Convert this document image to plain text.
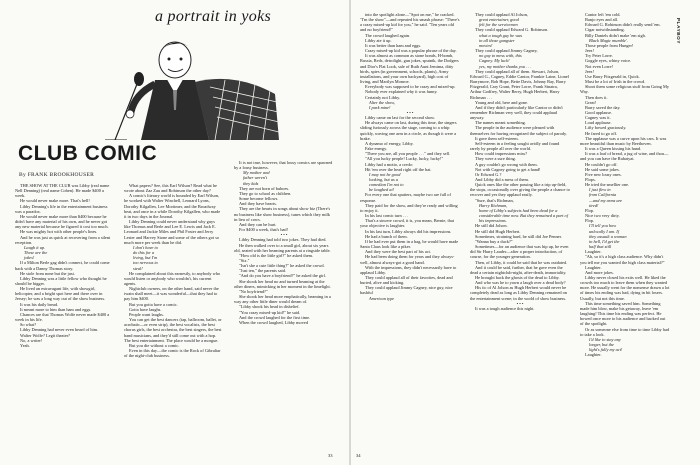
a portrait in yoks
CLUB COMIC
By FRANK BROOKHOUSER

THE SHOW AT THE CLUB was Libby (real name Nell Denning) (real name Cohen). He made $400 a week.

He would never make more. That's hell!

Libby Denning's life in the entertainment business was a paradox.

He would never make more than $400 because he didn't have any material of his own, and he never got any new material because he figured it cost too much.

He was mighty hot with other people's lines.

And he was just as quick at recovering from a silent reception.

Laugh it up.

These are the

jokes!

If a Milton Berle gag didn't connect, he could come back with a Danny Thomas story.

He stole from none but the just.

Libby Denning was a little fellow who thought he should be bigger.

He lived an extravagant life, with showgirl, helicopter, and a bright spot here and there over in Jersey; he was a long way out of the show business.

It was his daily bread.

It meant more to him than ham and eggs.

Chances are that Thomas Wolfe never made $400 a week in his life.

So what?

Libby Denning had never even heard of him.

Walter Wolfe? Legit theater?

No, a writer!

Yeah.

What papers? See, this Earl Wilson? Read what he wrote about Zaz Zau and Robinson the other day?

A comic's literary world is bounded by Earl Wilson, he worked with Walter Winchell, Leonard Lyons, Dorothy Kilgallen, Lee Mortimer, and the Broadway beat, and once in a while Dorothy Kilgallen, who made it in two days in the Journal.

Libby Denning could never understand why guys like Thomas and Berle and Lee E. Lewis and Jack E. Leonard and Jackie Miles and Phil Foster and Jerry Lester and Harvey Stone and some of the others got so much more per week than he did.

I don't have to

do this for a

living, but I'm

too nervous to

steal!

He complained about this earnestly, to anybody who would listen or anybody who wouldn't, his current agents.

Nightclub owners, on the other hand, said never the twain shall meet—it was wonderful—that they had to pay him $400.

But you gotta have a comic.

Gotta have laughs.

People want laughs.

You can get the best dancers (tap, ballroom, ballet, or acrobatic—or even strip), the best vocalists, the best chorus girls, the best orchestra, the best singers, the best band musicians, and they'd still come out with a hop. The best entertainment. The place would be a morgue.

But you die without a comic.

Even in this day—the comic is the Rock of Gibraltar of the night-club business.

It is not true, however, that lousy comics are spawned by a lousy business.

My mother and

father weren't

they kids

They are not born of buboes.

They go to school as children.

Some become fellows.

And they have hearts.

They are the hearts in songs about show biz (There's no business like show business), tunes which they milk in lieu of cows.

And they can be hurt.

For $400 a week, that's bad!

• • •

Libby Denning had told two jokes. They had died.

He then walked over to a small girl, about six years old, seated with her beaming parents at a ringside table.

"How old is the little girl?" he asked them.

"Six."

"Isn't she a cute little thing?" he asked the crowd.

"Just ten," the parents said.

"And do you have a boyfriend?" he asked the girl.

She shook her head no and turned beaming at the other diners, mimicking in her moment in the limelight.

"No boyfriend?"

She shook her head more emphatically, beaming in a way any other little diner would dream of.

"Libby shook his head in disbelief.

"You crazy mixed-up kid!" he said.

And the crowd laughed for the first time.

When the crowd laughed, Libby moved

into the spotlight alone—"Spot on me," he cracked. "I'm the show"—and repeated his smash phrase: "There's a crazy mixed-up kid for you," he said. "Ten years old and no boyfriend!"

The crowd laughed again.

Libby ate it up.

It was better than ham and eggs.

Crazy mixed-up kid was a popular phrase of the day.

It was almost as common as stone bonds, H-bomb, Russia, Reds, detrolight, gun jokes, sputnik, the Dodgers and Dior's Flat Look, sale of Ruth Aunt Jemima, ditty birds, spies (in government, schools, plants), Army installations, and your own backyard), high cost of living, and Marilyn Monroe.

Everybody was supposed to be crazy and mixed-up.

Nobody ever explained why it was funny.

Certainly not Libby.

Alter the show,

I park mine!

• • •

Libby came on last for the second show.

He always came on last, during this time, the singers sliding furiously across the stage, coming to a whip quickly, waving one arm in a circle, as though it were a brake.

A dynamo of energy, Libby.

Fake energy.

"There you are, all you people . . ." and they sell.

"All you lucky people! Lucky, lucky, lucky!"

Libby had a motto, a credo:

Hit 'em over the head right off the bat.

I may not be good

looking, but as a

comedian I'm not to

be laughed at!

For every one that sputters, maybe two are full of response.

They paid for the show, and they're ready and willing to enjoy it.

In his last comic turn . . .

That's a sincere crowd, it is, you mean, Bernie, that your objective is laughter.

In his last turn, Libby always did his impressions.

He had a bunch of them.

If he had ever put them in a bag, he would have made Santa Claus look like a piker.

And they were the best part of his act.

He had been doing them for years and they always-well, almost always-got a good hand.

With the impressions, they didn't necessarily have to applaud Libby.

They could applaud all of their favorites, dead and buried, alive and kicking.

They could applaud Jimmy Cagney, nice guy, nice bashful

American type

They could applaud Al Jolson,

great entertainer, good

felt for the servicemen

They could applaud Edward G. Robinson.

what a tough guy he was

in all those gangster

movies!

They could applaud Jimmy Cagney,

no guy to mess with, this

Cagney. My luck!

yes, my mother thanks you . . .

They could applaud all of them. Stewart, Jolson, Edward G., Cagney, Eddie Cantor, Frankie Laine, Lionel Barrymore, Bob Hope, Bette Davis, Johnny Ray, Barry Fitzgerald, Cary Grant, Peter Lorre, Frank Sinatra, Arthur Godfrey, Walter Berry, Hugh Herbert, Harry Richman . . .

Young and old, here and gone.

And if they didn't particularly like Cantor or didn't remember Richman very well, they could applaud anyway.

The names meant something.

The people in the audience were pleased with themselves for having recognized the subject of parody.

It gave them self-esteem.

Self-esteem in a feeling sought avidly and found rarely by people all over the world.

How could impressions miss?

They were a sure thing.

A guy couldn't go wrong with them.

Not with Cagney going to get a hand!

Or Edward G.?

And Libby did a mess of them.

Quick ones like the other passing like a trip up-field, the stops, occasionally over giving the people a chance to recover and yes they applaud easily.

"Sure, that's Richman,

Harry Richman,

home of Libby's subjects had been dead for a considerable time now. But they remained a part of his impressions.

He still did Jolson.

He still did Hugh Herbert.

Sometimes, straining hard, he still did Joe Penner.

"Wanna buy a duck?"

Sometimes—for an audience that was hip up, he even did Sir Harry Lauder—after a proper introduction, of course, for the younger generation.

Then, of Libby, it could be said that he was outdated.

And it could be said, further, that he gave even the dead a certain nightclub-night, after-death, immortality.

He brought back the ghosts of the dead to Libby.

And who was he to yawn a laugh over a dead body?

His tic of Al Jolson as Hugh Herbert would never be completely dead as long as Libby Denning remained on the entertainment scene; in the world of show business.

• • •

It was a tough audience this night.

Cantor left 'em cold.

Banjo eyes and all.

Edward G. Robinson didn't really send 'em.

Cigar notwithstanding.

Billy Daniels didn't make 'em sigh.

Black Magic mumble'.

Those people from Hunger!

Jeez!

Try Peter Lorre.

Goggle eyes, whiny voice.

Not even Lorre!

Jeez!

Use Barry Fitzgerald in, Quick.

Must be a lot of Irish in the crowd.

Shoot them some religious stuff from Going My Way.

Then does it.

Great!

Barry saved the day.

Good applause.

Cagney was it.

Loud applause.

Lifty bowed graciously.

He fared to go off.

The applause was a curve upon his cars. It was more beautiful than music by Beethoven.

It was a Queen kissing his hand.

It was a loaf of bread, a jug of wine, and thou—and you can have the Rubaiyat.

He couldn't go off.

He said some jokes.

Five new lousy ones.

Flops.

He tried the smellier one.

I just flew in

from California

—and my arms are

tired!

Flop.

Nice two very dirty.

Flop.

I'll tell you how

unlocally I am. If

they assault a woman

in hell, I'd get the

half that still

Laughter.

"Ah, so it's a high class audience. Why didn't you tell me you wanted the high class material?"

Laughter.

And more jokes.

Libby never closed his exits well. He liked the crowds too much to leave them when they wanted more. He usually went for the nonsense drawn a lot of times his ending was bad, dying in bit losers. Usually, but not this time.

This time something saved him. Something made him blow, make his getaway, leave 'em laughing! This time his ending was perfect. He bowed once more to his audience and backed out of the spotlight.

Or as someone else from time to time Libby had to take a look.

I'd like to stay any

longer, but the

light's fully my act!

Laughter.

PLAYBOY
33	34
